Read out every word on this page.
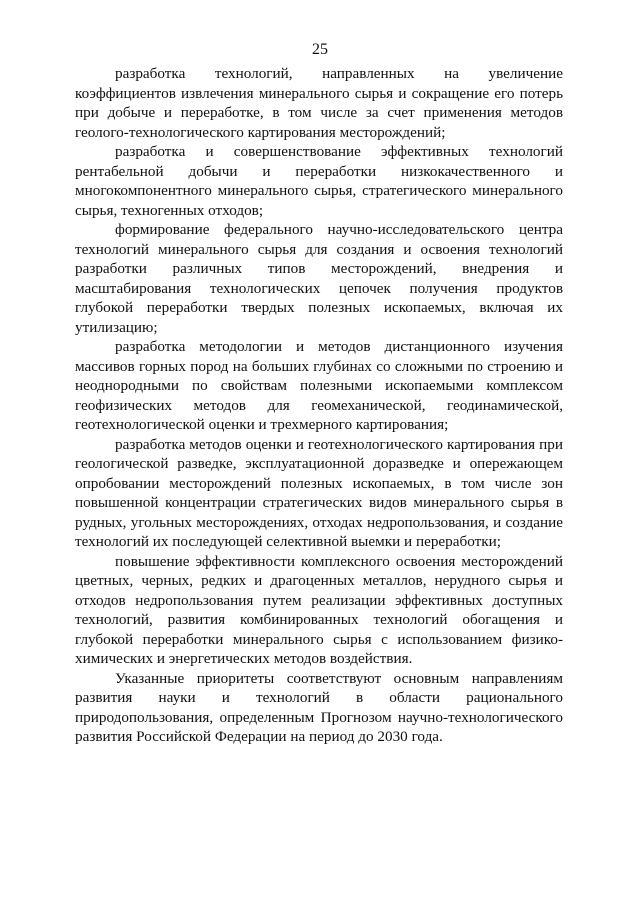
25

разработка технологий, направленных на увеличение коэффициентов извлечения минерального сырья и сокращение его потерь при добыче и переработке, в том числе за счет применения методов геолого-технологического картирования месторождений;

разработка и совершенствование эффективных технологий рентабельной добычи и переработки низкокачественного и многокомпонентного минерального сырья, стратегического минерального сырья, техногенных отходов;

формирование федерального научно-исследовательского центра технологий минерального сырья для создания и освоения технологий разработки различных типов месторождений, внедрения и масштабирования технологических цепочек получения продуктов глубокой переработки твердых полезных ископаемых, включая их утилизацию;

разработка методологии и методов дистанционного изучения массивов горных пород на больших глубинах со сложными по строению и неоднородными по свойствам полезными ископаемыми комплексом геофизических методов для геомеханической, геодинамической, геотехнологической оценки и трехмерного картирования;

разработка методов оценки и геотехнологического картирования при геологической разведке, эксплуатационной доразведке и опережающем опробовании месторождений полезных ископаемых, в том числе зон повышенной концентрации стратегических видов минерального сырья в рудных, угольных месторождениях, отходах недропользования, и создание технологий их последующей селективной выемки и переработки;

повышение эффективности комплексного освоения месторождений цветных, черных, редких и драгоценных металлов, нерудного сырья и отходов недропользования путем реализации эффективных доступных технологий, развития комбинированных технологий обогащения и глубокой переработки минерального сырья с использованием физико-химических и энергетических методов воздействия.

Указанные приоритеты соответствуют основным направлениям развития науки и технологий в области рационального природопользования, определенным Прогнозом научно-технологического развития Российской Федерации на период до 2030 года.
